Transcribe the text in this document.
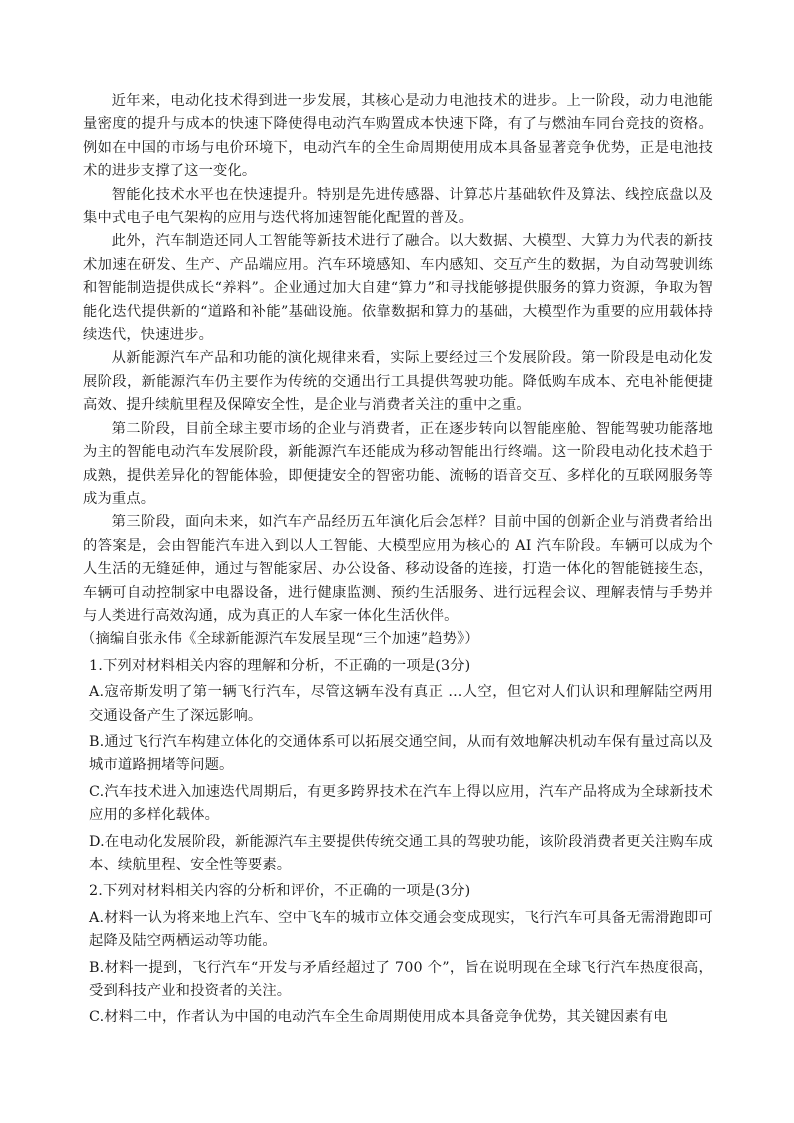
近年来，电动化技术得到进一步发展，其核心是动力电池技术的进步。上一阶段，动力电池能量密度的提升与成本的快速下降使得电动汽车购置成本快速下降，有了与燃油车同台竞技的资格。例如在中国的市场与电价环境下，电动汽车的全生命周期使用成本具备显著竞争优势，正是电池技术的进步支撑了这一变化。

智能化技术水平也在快速提升。特别是先进传感器、计算芯片基础软件及算法、线控底盘以及集中式电子电气架构的应用与迭代将加速智能化配置的普及。

此外，汽车制造还同人工智能等新技术进行了融合。以大数据、大模型、大算力为代表的新技术加速在研发、生产、产品端应用。汽车环境感知、车内感知、交互产生的数据，为自动驾驶训练和智能制造提供成长“养料”。企业通过加大自建“算力”和寻找能够提供服务的算力资源，争取为智能化迭代提供新的“道路和补能”基础设施。依靠数据和算力的基础，大模型作为重要的应用载体持续迭代，快速进步。

从新能源汽车产品和功能的演化规律来看，实际上要经过三个发展阶段。第一阶段是电动化发展阶段，新能源汽车仍主要作为传统的交通出行工具提供驾驶功能。降低购车成本、充电补能便捷高效、提升续航里程及保障安全性，是企业与消费者关注的重中之重。

第二阶段，目前全球主要市场的企业与消费者，正在逐步转向以智能座舱、智能驾驶功能落地为主的智能电动汽车发展阶段，新能源汽车还能成为移动智能出行终端。这一阶段电动化技术趋于成熟，提供差异化的智能体验，即便捷安全的智密功能、流畅的语音交互、多样化的互联网服务等成为重点。

第三阶段，面向未来，如汽车产品经历五年演化后会怎样？目前中国的创新企业与消费者给出的答案是，会由智能汽车进入到以人工智能、大模型应用为核心的 AI 汽车阶段。车辆可以成为个人生活的无缝延伸，通过与智能家居、办公设备、移动设备的连接，打造一体化的智能链接生态，车辆可自动控制家中电器设备，进行健康监测、预约生活服务、进行远程会议、理解表情与手势并与人类进行高效沟通，成为真正的人车家一体化生活伙伴。

（摘编自张永伟《全球新能源汽车发展呈现“三个加速”趋势》）

1.下列对材料相关内容的理解和分析，不正确的一项是(3分)

A.寇帝斯发明了第一辆飞行汽车，尽管这辆车没有真正 ...人空，但它对人们认识和理解陆空两用交通设备产生了深远影响。

B.通过飞行汽车构建立体化的交通体系可以拓展交通空间，从而有效地解决机动车保有量过高以及城市道路拥堵等问题。

C.汽车技术进入加速迭代周期后，有更多跨界技术在汽车上得以应用，汽车产品将成为全球新技术应用的多样化载体。

D.在电动化发展阶段，新能源汽车主要提供传统交通工具的驾驶功能，该阶段消费者更关注购车成本、续航里程、安全性等要素。

2.下列对材料相关内容的分析和评价，不正确的一项是(3分)

A.材料一认为将来地上汽车、空中飞车的城市立体交通会变成现实，飞行汽车可具备无需滑跑即可起降及陆空两栖运动等功能。

B.材料一提到，飞行汽车“开发与矛盾经超过了 700 个”，旨在说明现在全球飞行汽车热度很高，受到科技产业和投资者的关注。

C.材料二中，作者认为中国的电动汽车全生命周期使用成本具备竞争优势，其关键因素有电
